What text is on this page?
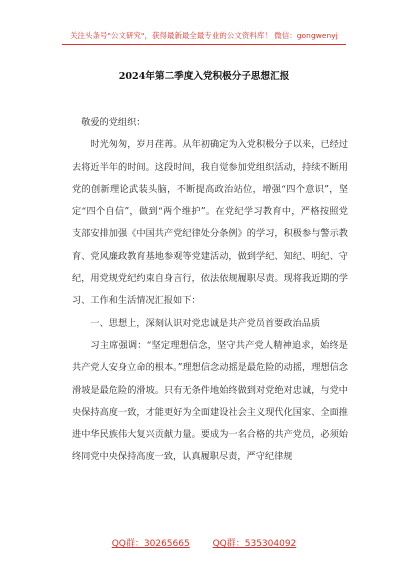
关注头条号"公文研究"，获得最新最全最专业的公文资料库！ 微信：gongwenyj
2024年第二季度入党积极分子思想汇报

敬爱的党组织：

时光匆匆，岁月荏苒。从年初确定为入党积极分子以来，已经过去将近半年的时间。这段时间，我自觉参加党组织活动，持续不断用党的创新理论武装头脑，不断提高政治站位，增强“四个意识”，坚定“四个自信”，做到“两个维护”。在党纪学习教育中，严格按照党支部安排加强《中国共产党纪律处分条例》的学习，积极参与警示教育、党风廉政教育基地参观等党建活动，做到学纪、知纪、明纪、守纪，用党规党纪约束自身言行，依法依规履职尽责。现将我近期的学习、工作和生活情况汇报如下：

一、思想上，深刻认识对党忠诚是共产党员首要政治品质

习主席强调：“坚定理想信念，坚守共产党人精神追求，始终是共产党人安身立命的根本。”理想信念动摇是最危险的动摇，理想信念滑坡是最危险的滑坡。只有无条件地始终做到对党绝对忠诚，与党中央保持高度一致，才能更好为全面建设社会主义现代化国家、全面推进中华民族伟大复兴贡献力量。要成为一名合格的共产党员，必须始终同党中央保持高度一致，认真履职尽责，严守纪律规

QQ群：30265665	QQ群：535304092
